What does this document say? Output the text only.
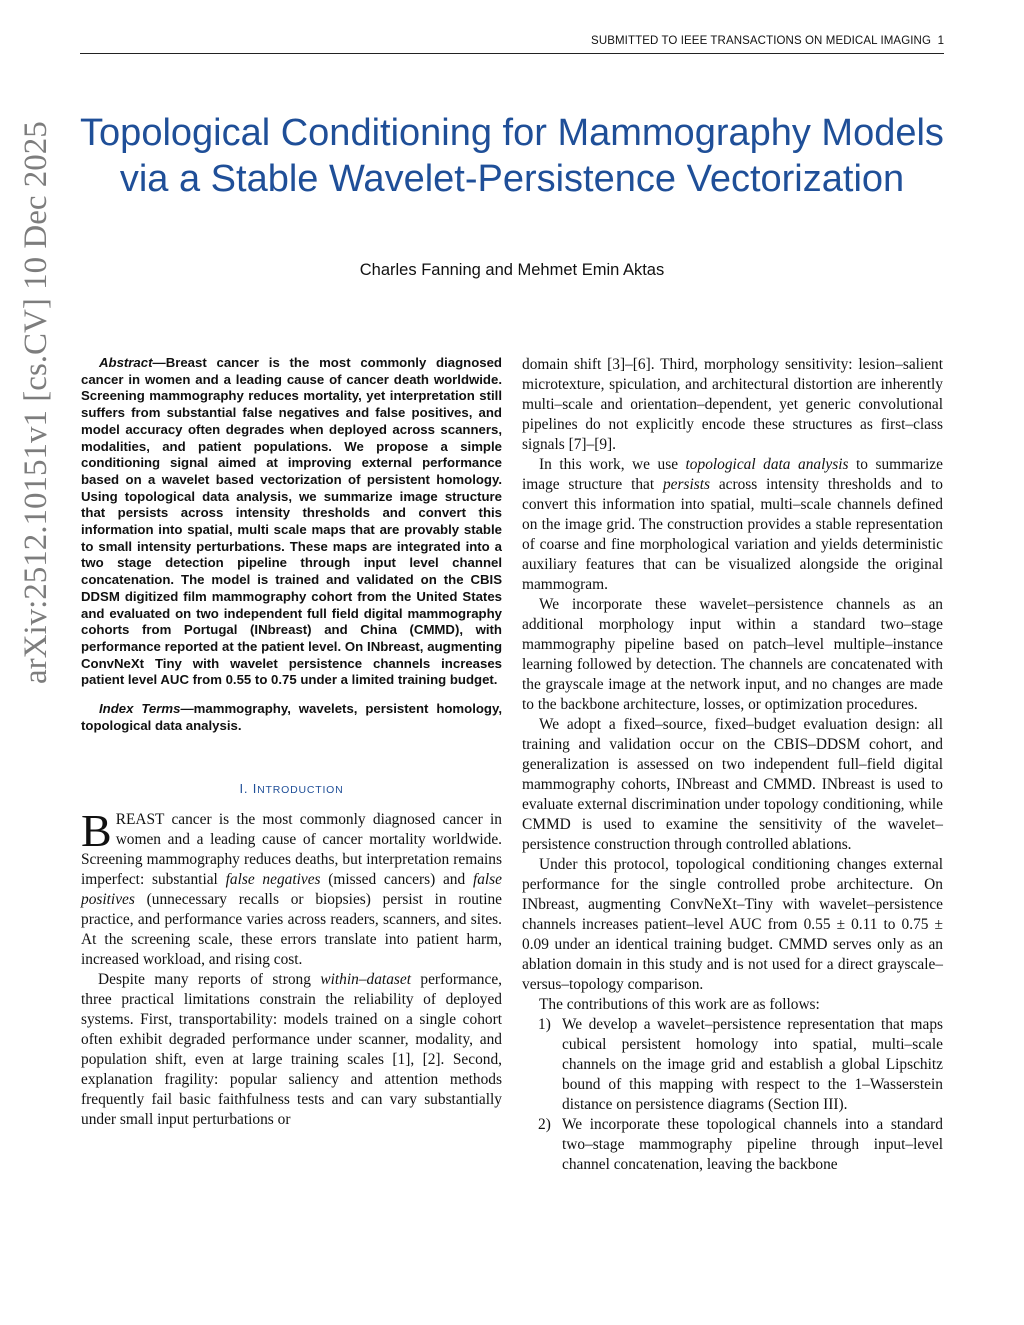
SUBMITTED TO IEEE TRANSACTIONS ON MEDICAL IMAGING 1
Topological Conditioning for Mammography Models via a Stable Wavelet-Persistence Vectorization
Charles Fanning and Mehmet Emin Aktas
arXiv:2512.10151v1 [cs.CV] 10 Dec 2025	Abstract—Breast cancer is the most commonly diagnosed cancer in women and a leading cause of cancer death worldwide. Screening mammography reduces mortality, yet interpretation still suffers from substantial false negatives and false positives, and model accuracy often degrades when deployed across scanners, modalities, and patient populations. We propose a simple conditioning signal aimed at improving external performance based on a wavelet based vectorization of persistent homology. Using topological data analysis, we summarize image structure that persists across intensity thresholds and convert this information into spatial, multi scale maps that are provably stable to small intensity perturbations. These maps are integrated into a two stage detection pipeline through input level channel concatenation. The model is trained and validated on the CBIS DDSM digitized film mammography cohort from the United States and evaluated on two independent full field digital mammography cohorts from Portugal (INbreast) and China (CMMD), with performance reported at the patient level. On INbreast, augmenting ConvNeXt Tiny with wavelet persistence channels increases patient level AUC from 0.55 to 0.75 under a limited training budget.

Index Terms—mammography, wavelets, persistent homology, topological data analysis.

I. INTRODUCTION

BREAST cancer is the most commonly diagnosed cancer in women and a leading cause of cancer mortality worldwide. Screening mammography reduces deaths, but interpretation remains imperfect: substantial false negatives (missed cancers) and false positives (unnecessary recalls or biopsies) persist in routine practice, and performance varies across readers, scanners, and sites. At the screening scale, these errors translate into patient harm, increased workload, and rising cost.

Despite many reports of strong within–dataset performance, three practical limitations constrain the reliability of deployed systems. First, transportability: models trained on a single cohort often exhibit degraded performance under scanner, modality, and population shift, even at large training scales [1], [2]. Second, explanation fragility: popular saliency and attention methods frequently fail basic faithfulness tests and can vary substantially under small input perturbations or

domain shift [3]–[6]. Third, morphology sensitivity: lesion–salient microtexture, spiculation, and architectural distortion are inherently multi–scale and orientation–dependent, yet generic convolutional pipelines do not explicitly encode these structures as first–class signals [7]–[9].

In this work, we use topological data analysis to summarize image structure that persists across intensity thresholds and to convert this information into spatial, multi–scale channels defined on the image grid. The construction provides a stable representation of coarse and fine morphological variation and yields deterministic auxiliary features that can be visualized alongside the original mammogram.

We incorporate these wavelet–persistence channels as an additional morphology input within a standard two–stage mammography pipeline based on patch–level multiple–instance learning followed by detection. The channels are concatenated with the grayscale image at the network input, and no changes are made to the backbone architecture, losses, or optimization procedures.

We adopt a fixed–source, fixed–budget evaluation design: all training and validation occur on the CBIS–DDSM cohort, and generalization is assessed on two independent full–field digital mammography cohorts, INbreast and CMMD. INbreast is used to evaluate external discrimination under topology conditioning, while CMMD is used to examine the sensitivity of the wavelet–persistence construction through controlled ablations.

Under this protocol, topological conditioning changes external performance for the single controlled probe architecture. On INbreast, augmenting ConvNeXt–Tiny with wavelet–persistence channels increases patient–level AUC from 0.55 ± 0.11 to 0.75 ± 0.09 under an identical training budget. CMMD serves only as an ablation domain in this study and is not used for a direct grayscale–versus–topology comparison.

The contributions of this work are as follows:

1) We develop a wavelet–persistence representation that maps cubical persistent homology into spatial, multi–scale channels on the image grid and establish a global Lipschitz bound of this mapping with respect to the 1–Wasserstein distance on persistence diagrams (Section III).
2) We incorporate these topological channels into a standard two–stage mammography pipeline through input–level channel concatenation, leaving the backbone
